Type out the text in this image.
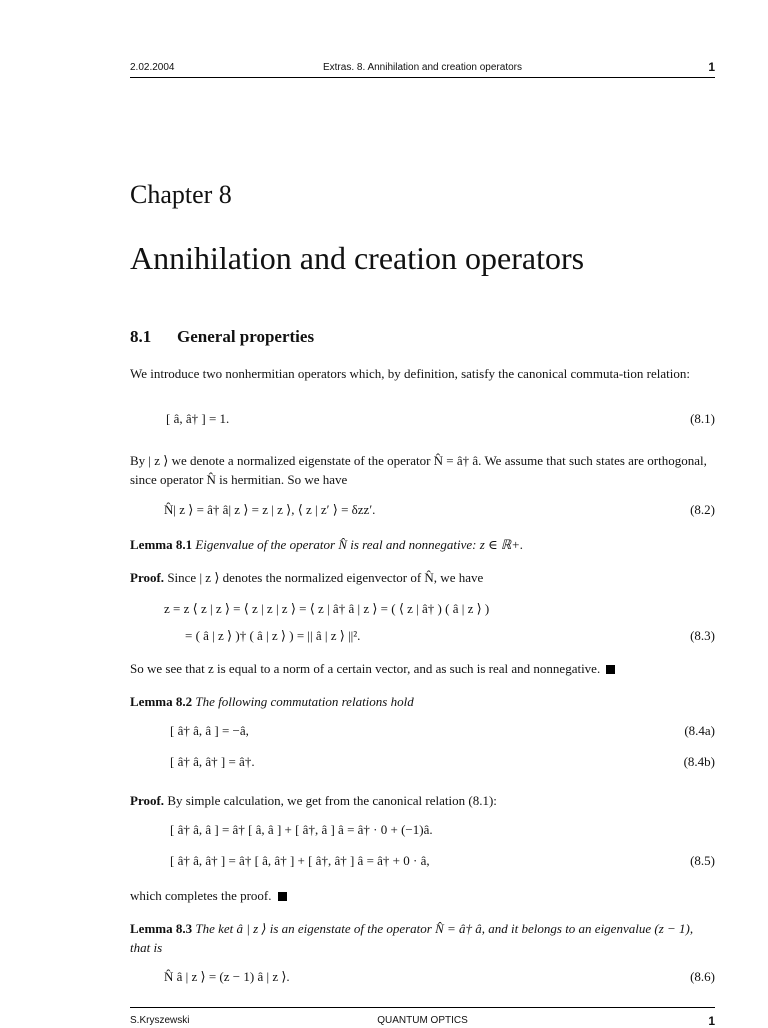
2.02.2004	Extras. 8. Annihilation and creation operators	1
Chapter 8
Annihilation and creation operators
8.1 General properties
We introduce two nonhermitian operators which, by definition, satisfy the canonical commuta-tion relation:
[ â, â† ] = 1.	(8.1)
By | z ⟩ we denote a normalized eigenstate of the operator N̂ = â† â. We assume that such states are orthogonal, since operator N̂ is hermitian. So we have
N̂| z ⟩ = â† â| z ⟩ = z | z ⟩, ⟨ z | z′ ⟩ = δzz′.	(8.2)
Lemma 8.1 Eigenvalue of the operator N̂ is real and nonnegative: z ∈ ℝ+.
Proof. Since | z ⟩ denotes the normalized eigenvector of N̂, we have
z = z ⟨ z | z ⟩ = ⟨ z | z | z ⟩ = ⟨ z | â† â | z ⟩ = ( ⟨ z | â† ) ( â | z ⟩ )
= ( â | z ⟩ )† ( â | z ⟩ ) = || â | z ⟩ ||².	(8.3)
So we see that z is equal to a norm of a certain vector, and as such is real and nonnegative.
Lemma 8.2 The following commutation relations hold
[ â† â, â ] = −â,	(8.4a)
[ â† â, â† ] = â†.	(8.4b)
Proof. By simple calculation, we get from the canonical relation (8.1):
[ â† â, â ] = â† [ â, â ] + [ â†, â ] â = â† · 0 + (−1)â.
[ â† â, â† ] = â† [ â, â† ] + [ â†, â† ] â = â† + 0 · â,	(8.5)
which completes the proof.
Lemma 8.3 The ket â | z ⟩ is an eigenstate of the operator N̂ = â† â, and it belongs to an eigenvalue (z − 1), that is
N̂ â | z ⟩ = (z − 1) â | z ⟩.	(8.6)
S.Kryszewski	QUANTUM OPTICS	1
